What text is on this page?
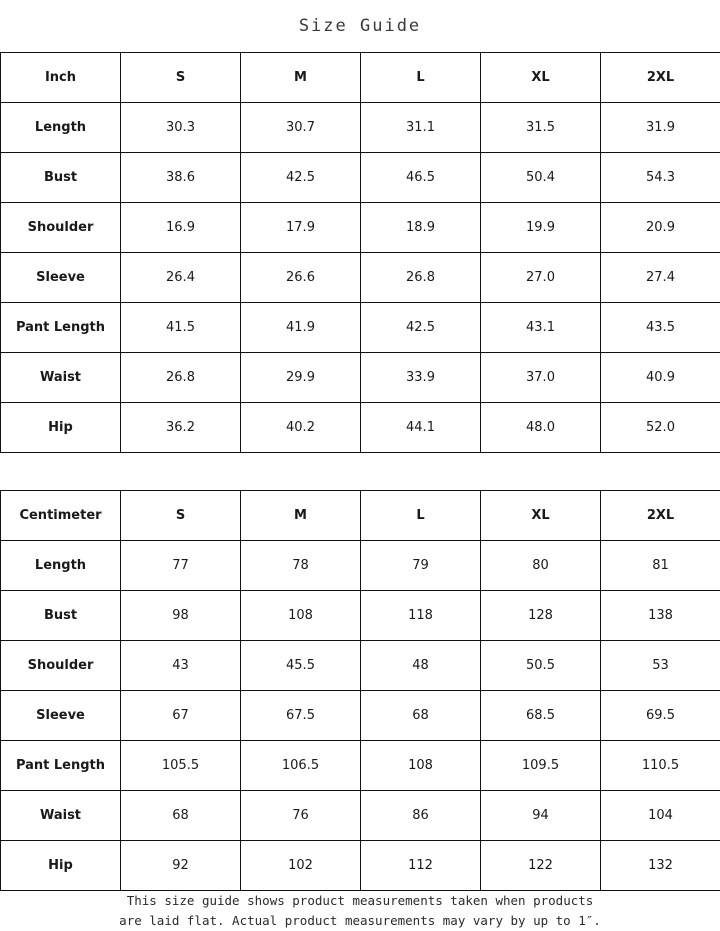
Size Guide
Inch	S	M	L	XL	2XL
Length	30.3	30.7	31.1	31.5	31.9
Bust	38.6	42.5	46.5	50.4	54.3
Shoulder	16.9	17.9	18.9	19.9	20.9
Sleeve	26.4	26.6	26.8	27.0	27.4
Pant Length	41.5	41.9	42.5	43.1	43.5
Waist	26.8	29.9	33.9	37.0	40.9
Hip	36.2	40.2	44.1	48.0	52.0
Centimeter	S	M	L	XL	2XL
Length	77	78	79	80	81
Bust	98	108	118	128	138
Shoulder	43	45.5	48	50.5	53
Sleeve	67	67.5	68	68.5	69.5
Pant Length	105.5	106.5	108	109.5	110.5
Waist	68	76	86	94	104
Hip	92	102	112	122	132
This size guide shows product measurements taken when products
are laid flat. Actual product measurements may vary by up to 1″.
